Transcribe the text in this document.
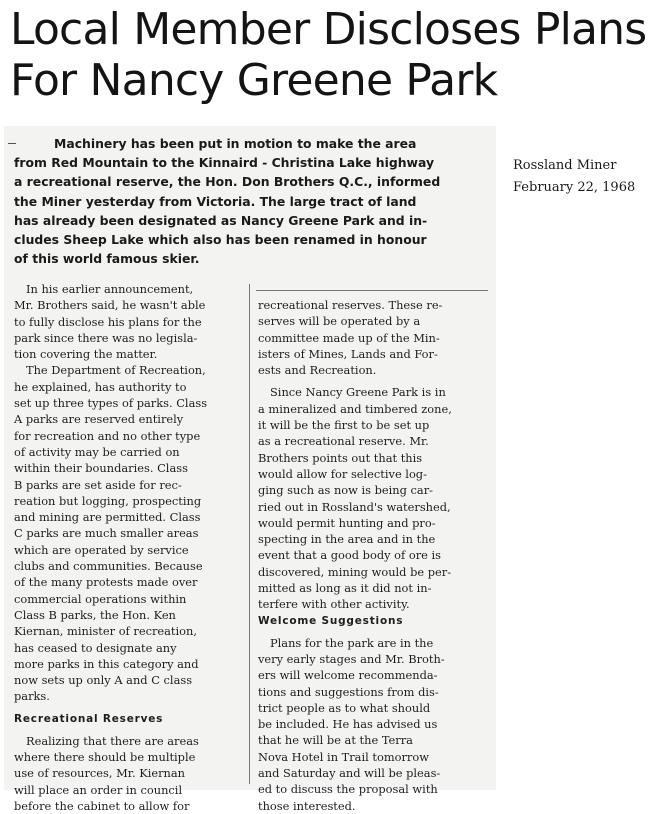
Local Member Discloses Plans
For Nancy Greene Park
Machinery has been put in motion to make the area
from Red Mountain to the Kinnaird - Christina Lake highway
a recreational reserve, the Hon. Don Brothers Q.C., informed
the Miner yesterday from Victoria. The large tract of land
has already been designated as Nancy Greene Park and in-
cludes Sheep Lake which also has been renamed in honour
of this world famous skier.
Rossland Miner
February 22, 1968
In his earlier announcement,
Mr. Brothers said, he wasn't able
to fully disclose his plans for the
park since there was no legisla-
tion covering the matter.
The Department of Recreation,
he explained, has authority to
set up three types of parks. Class
A parks are reserved entirely
for recreation and no other type
of activity may be carried on
within their boundaries. Class
B parks are set aside for rec-
reation but logging, prospecting
and mining are permitted. Class
C parks are much smaller areas
which are operated by service
clubs and communities. Because
of the many protests made over
commercial operations within
Class B parks, the Hon. Ken
Kiernan, minister of recreation,
has ceased to designate any
more parks in this category and
now sets up only A and C class
parks.
Recreational Reserves
Realizing that there are areas
where there should be multiple
use of resources, Mr. Kiernan
will place an order in council
before the cabinet to allow for
recreational reserves. These re-
serves will be operated by a
committee made up of the Min-
isters of Mines, Lands and For-
ests and Recreation.
Since Nancy Greene Park is in
a mineralized and timbered zone,
it will be the first to be set up
as a recreational reserve. Mr.
Brothers points out that this
would allow for selective log-
ging such as now is being car-
ried out in Rossland's watershed,
would permit hunting and pro-
specting in the area and in the
event that a good body of ore is
discovered, mining would be per-
mitted as long as it did not in-
terfere with other activity.
Welcome Suggestions
Plans for the park are in the
very early stages and Mr. Broth-
ers will welcome recommenda-
tions and suggestions from dis-
trict people as to what should
be included. He has advised us
that he will be at the Terra
Nova Hotel in Trail tomorrow
and Saturday and will be pleas-
ed to discuss the proposal with
those interested.
